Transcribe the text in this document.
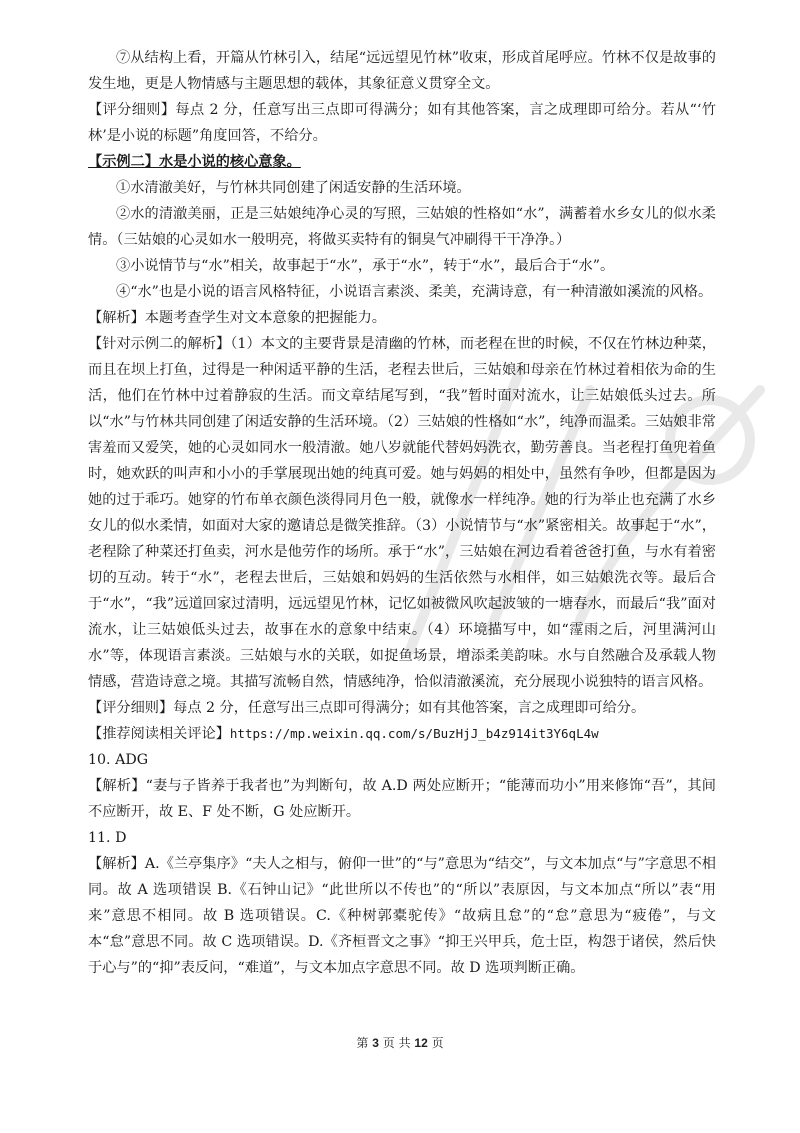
⑦从结构上看，开篇从竹林引入，结尾“远远望见竹林”收束，形成首尾呼应。竹林不仅是故事的发生地，更是人物情感与主题思想的载体，其象征意义贯穿全文。

【评分细则】每点 2 分，任意写出三点即可得满分；如有其他答案，言之成理即可给分。若从“‘竹林’是小说的标题”角度回答，不给分。

【示例二】水是小说的核心意象。

①水清澈美好，与竹林共同创建了闲适安静的生活环境。

②水的清澈美丽，正是三姑娘纯净心灵的写照，三姑娘的性格如“水”，满蓄着水乡女儿的似水柔情。（三姑娘的心灵如水一般明亮，将做买卖特有的铜臭气冲刷得干干净净。）

③小说情节与“水”相关，故事起于“水”，承于“水”，转于“水”，最后合于“水”。

④“水”也是小说的语言风格特征，小说语言素淡、柔美，充满诗意，有一种清澈如溪流的风格。

【解析】本题考查学生对文本意象的把握能力。

【针对示例二的解析】（1）本文的主要背景是清幽的竹林，而老程在世的时候，不仅在竹林边种菜，而且在坝上打鱼，过得是一种闲适平静的生活，老程去世后，三姑娘和母亲在竹林过着相依为命的生活，他们在竹林中过着静寂的生活。而文章结尾写到，“我”暂时面对流水，让三姑娘低头过去。所以“水”与竹林共同创建了闲适安静的生活环境。（2）三姑娘的性格如“水”，纯净而温柔。三姑娘非常害羞而又爱笑，她的心灵如同水一般清澈。她八岁就能代替妈妈洗衣，勤劳善良。当老程打鱼兜着鱼时，她欢跃的叫声和小小的手掌展现出她的纯真可爱。她与妈妈的相处中，虽然有争吵，但都是因为她的过于乖巧。她穿的竹布单衣颜色淡得同月色一般，就像水一样纯净。她的行为举止也充满了水乡女儿的似水柔情，如面对大家的邀请总是微笑推辞。（3）小说情节与“水”紧密相关。故事起于“水”，老程除了种菜还打鱼卖，河水是他劳作的场所。承于“水”，三姑娘在河边看着爸爸打鱼，与水有着密切的互动。转于“水”，老程去世后，三姑娘和妈妈的生活依然与水相伴，如三姑娘洗衣等。最后合于“水”，“我”远道回家过清明，远远望见竹林，记忆如被微风吹起波皱的一塘春水，而最后“我”面对流水，让三姑娘低头过去，故事在水的意象中结束。（4）环境描写中，如“霪雨之后，河里满河山水”等，体现语言素淡。三姑娘与水的关联，如捉鱼场景，增添柔美韵味。水与自然融合及承载人物情感，营造诗意之境。其描写流畅自然，情感纯净，恰似清澈溪流，充分展现小说独特的语言风格。

【评分细则】每点 2 分，任意写出三点即可得满分；如有其他答案，言之成理即可给分。

【推荐阅读相关评论】https://mp.weixin.qq.com/s/BuzHjJ_b4z914it3Y6qL4w

10. ADG

【解析】“妻与子皆养于我者也”为判断句，故 A.D 两处应断开；“能薄而功小”用来修饰“吾”，其间不应断开，故 E、F 处不断，G 处应断开。

11. D

【解析】A.《兰亭集序》“夫人之相与，俯仰一世”的“与”意思为“结交”，与文本加点“与”字意思不相同。故 A 选项错误 B.《石钟山记》“此世所以不传也”的“所以”表原因，与文本加点“所以”表“用来”意思不相同。故 B 选项错误。C.《种树郭橐驼传》“故病且怠”的“怠”意思为“疲倦”，与文本“怠”意思不同。故 C 选项错误。D.《齐桓晋文之事》“抑王兴甲兵，危士臣，构怨于诸侯，然后快于心与”的“抑”表反问，“难道”，与文本加点字意思不同。故 D 选项判断正确。

第 3 页 共 12 页
